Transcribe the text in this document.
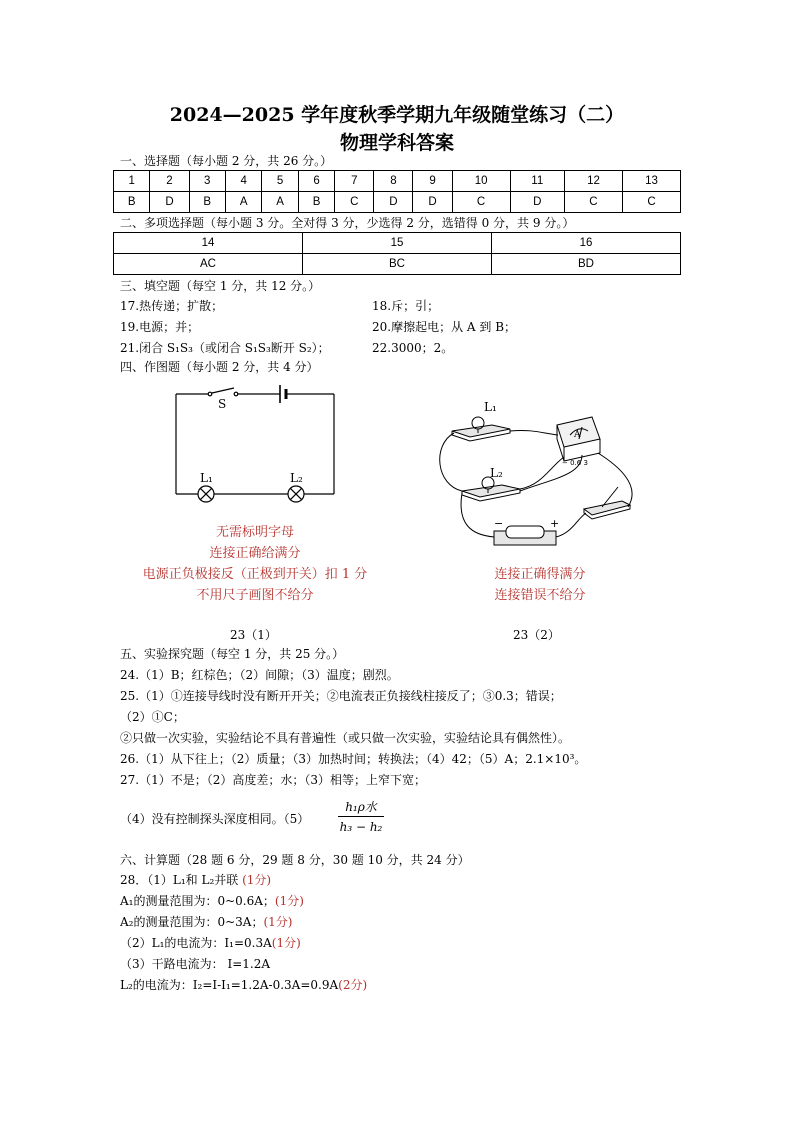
2024—2025 学年度秋季学期九年级随堂练习（二）
物理学科答案
一、选择题（每小题 2 分，共 26 分。）
1	2	3	4	5	6	7	8	9	10	11	12	13
B	D	B	A	A	B	C	D	D	C	D	C	C
二、多项选择题（每小题 3 分。全对得 3 分，少选得 2 分，选错得 0 分，共 9 分。）
14	15	16
AC	BC	BD
三、填空题（每空 1 分，共 12 分。）
17.热传递；扩散；	18.斥；引；
19.电源；并；	20.摩擦起电；从 A 到 B；
21.闭合 S₁S₃（或闭合 S₁S₃断开 S₂）；	22.3000；2。
四、作图题（每小题 2 分，共 4 分）
S
L₁	L₂
无需标明字母
连接正确给满分
电源正负极接反（正极到开关）扣 1 分
不用尺子画图不给分
L₁
L₂
A
− 0.6 3
−	+
连接正确得满分
连接错误不给分
23（1）	23（2）
五、实验探究题（每空 1 分，共 25 分。）
24.（1）B；红棕色；（2）间隙；（3）温度；剧烈。
25.（1）①连接导线时没有断开开关；②电流表正负接线柱接反了；③0.3；错误；
（2）①C；
②只做一次实验，实验结论不具有普遍性（或只做一次实验，实验结论具有偶然性）。
26.（1）从下往上；（2）质量；（3）加热时间；转换法；（4）42；（5）A；2.1×10³。
27.（1）不是；（2）高度差；水；（3）相等；上窄下宽；
（4）没有控制探头深度相同。（5）
h₁ρ水
h₃ − h₂
六、计算题（28 题 6 分，29 题 8 分，30 题 10 分，共 24 分）
28．（1）L₁和 L₂并联 (1分)
A₁的测量范围为：0~0.6A；(1分)
A₂的测量范围为：0~3A；(1分)
（2）L₁的电流为：I₁=0.3A(1分)
（3）干路电流为： I=1.2A
L₂的电流为：I₂=I-I₁=1.2A-0.3A=0.9A(2分)
